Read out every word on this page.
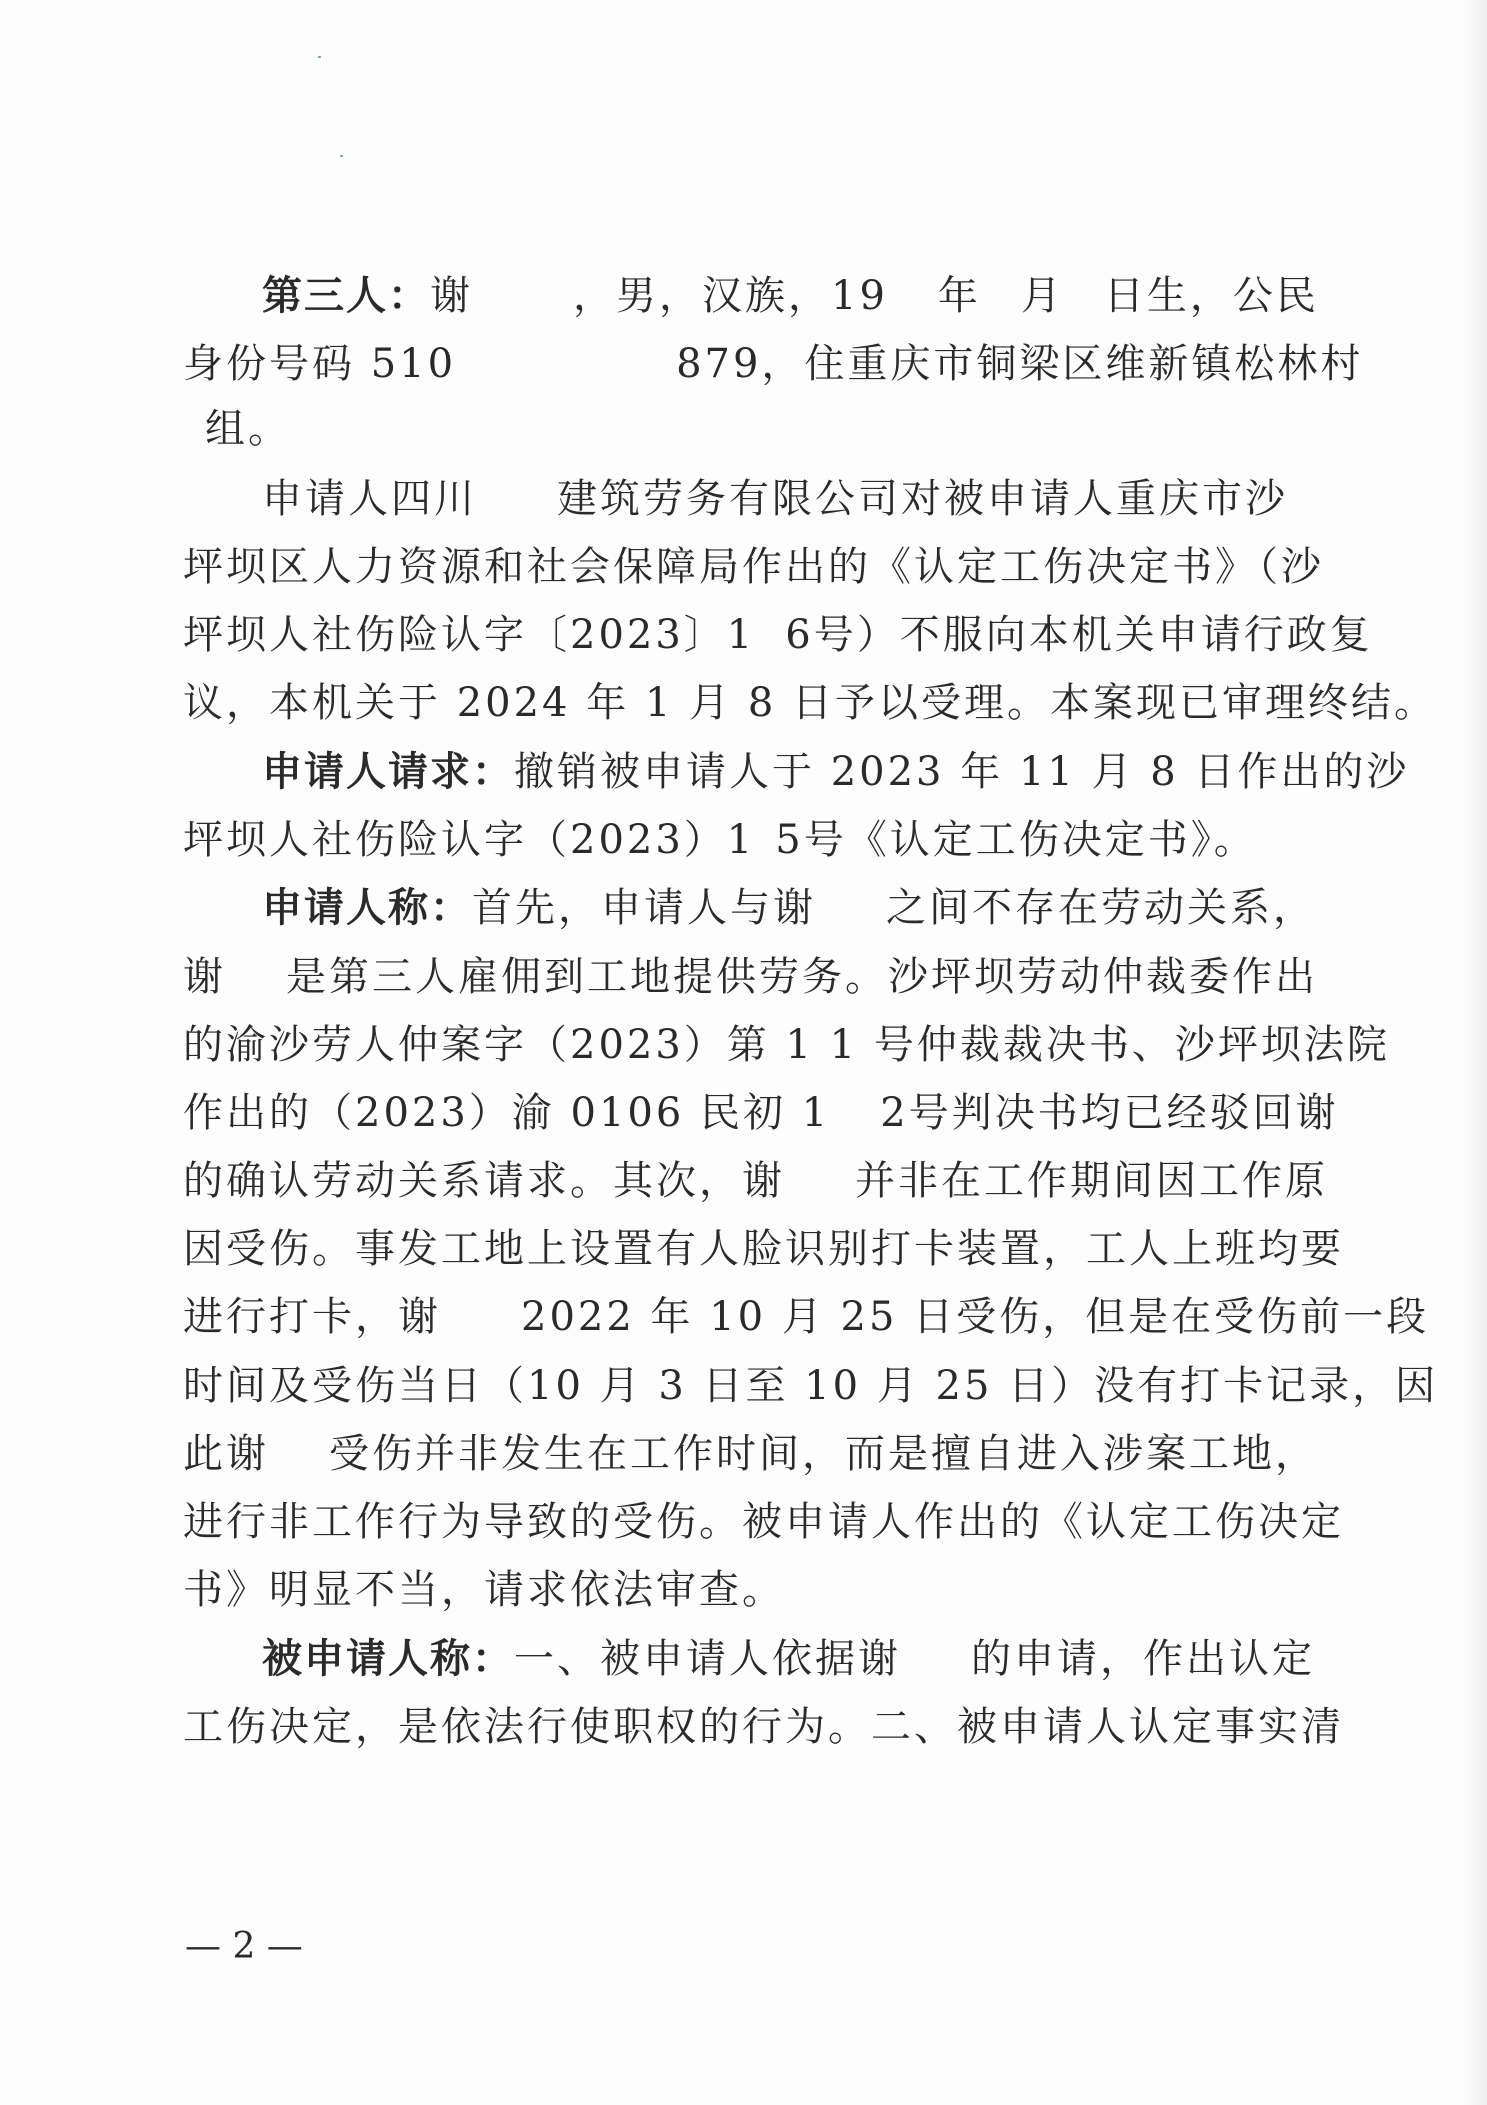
第三人：谢	，男，汉族，19 年 月 日生，公民
身份号码 510	879，住重庆市铜梁区维新镇松林村
组。
申请人四川 建筑劳务有限公司对被申请人重庆市沙
坪坝区人力资源和社会保障局作出的《认定工伤决定书》（沙
坪坝人社伤险认字〔2023〕1 6号）不服向本机关申请行政复
议，本机关于 2024 年 1 月 8 日予以受理。本案现已审理终结。
申请人请求：撤销被申请人于 2023 年 11 月 8 日作出的沙
坪坝人社伤险认字（2023）1 5号《认定工伤决定书》。
申请人称：首先，申请人与谢 之间不存在劳动关系，
谢 是第三人雇佣到工地提供劳务。沙坪坝劳动仲裁委作出
的渝沙劳人仲案字（2023）第 1 1 号仲裁裁决书、沙坪坝法院
作出的（2023）渝 0106 民初 1 2号判决书均已经驳回谢
的确认劳动关系请求。其次，谢 并非在工作期间因工作原
因受伤。事发工地上设置有人脸识别打卡装置，工人上班均要
进行打卡，谢 2022 年 10 月 25 日受伤，但是在受伤前一段
时间及受伤当日（10 月 3 日至 10 月 25 日）没有打卡记录，因
此谢 受伤并非发生在工作时间，而是擅自进入涉案工地，
进行非工作行为导致的受伤。被申请人作出的《认定工伤决定
书》明显不当，请求依法审查。
被申请人称：一、被申请人依据谢 的申请，作出认定
工伤决定，是依法行使职权的行为。二、被申请人认定事实清
— 2 —
